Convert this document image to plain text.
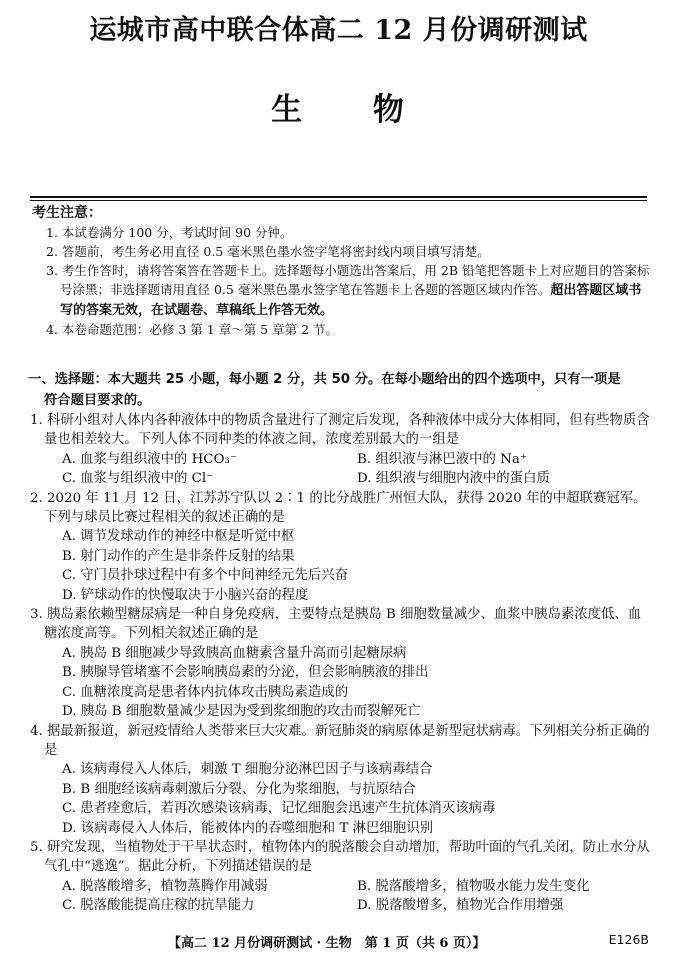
运城市高中联合体高二 12 月份调研测试
生 物
考生注意：

1. 本试卷满分 100 分，考试时间 90 分钟。

2. 答题前，考生务必用直径 0.5 毫米黑色墨水签字笔将密封线内项目填写清楚。

3. 考生作答时，请将答案答在答题卡上。选择题每小题选出答案后，用 2B 铅笔把答题卡上对应题目的答案标号涂黑；非选择题请用直径 0.5 毫米黑色墨水签字笔在答题卡上各题的答题区域内作答。超出答题区域书写的答案无效，在试题卷、草稿纸上作答无效。

4. 本卷命题范围：必修 3 第 1 章～第 5 章第 2 节。

一、选择题：本大题共 25 小题，每小题 2 分，共 50 分。在每小题给出的四个选项中，只有一项是
符合题目要求的。

1. 科研小组对人体内各种液体中的物质含量进行了测定后发现，各种液体中成分大体相同，但有些物质含量也相差较大。下列人体不同种类的体液之间，浓度差别最大的一组是

A. 血浆与组织液中的 HCO₃⁻	B. 组织液与淋巴液中的 Na⁺
C. 血浆与组织液中的 Cl⁻	D. 组织液与细胞内液中的蛋白质

2. 2020 年 11 月 12 日，江苏苏宁队以 2∶1 的比分战胜广州恒大队，获得 2020 年的中超联赛冠军。下列与球员比赛过程相关的叙述正确的是

A. 调节发球动作的神经中枢是听觉中枢

B. 射门动作的产生是非条件反射的结果

C. 守门员扑球过程中有多个中间神经元先后兴奋

D. 铲球动作的快慢取决于小脑兴奋的程度

3. 胰岛素依赖型糖尿病是一种自身免疫病，主要特点是胰岛 B 细胞数量减少、血浆中胰岛素浓度低、血糖浓度高等。下列相关叙述正确的是

A. 胰岛 B 细胞减少导致胰高血糖素含量升高而引起糖尿病

B. 胰腺导管堵塞不会影响胰岛素的分泌，但会影响胰液的排出

C. 血糖浓度高是患者体内抗体攻击胰岛素造成的

D. 胰岛 B 细胞数量减少是因为受到浆细胞的攻击而裂解死亡

4. 据最新报道，新冠疫情给人类带来巨大灾难。新冠肺炎的病原体是新型冠状病毒。下列相关分析正确的是

A. 该病毒侵入人体后，刺激 T 细胞分泌淋巴因子与该病毒结合

B. B 细胞经该病毒刺激后分裂、分化为浆细胞，与抗原结合

C. 患者痊愈后，若再次感染该病毒，记忆细胞会迅速产生抗体消灭该病毒

D. 该病毒侵入人体后，能被体内的吞噬细胞和 T 淋巴细胞识别

5. 研究发现，当植物处于干旱状态时，植物体内的脱落酸会自动增加，帮助叶面的气孔关闭，防止水分从气孔中“逃逸”。据此分析，下列描述错误的是

A. 脱落酸增多，植物蒸腾作用减弱	B. 脱落酸增多，植物吸水能力发生变化
C. 脱落酸能提高庄稼的抗旱能力	D. 脱落酸增多，植物光合作用增强
【高二 12 月份调研测试 · 生物　第 1 页（共 6 页）】	E126B
